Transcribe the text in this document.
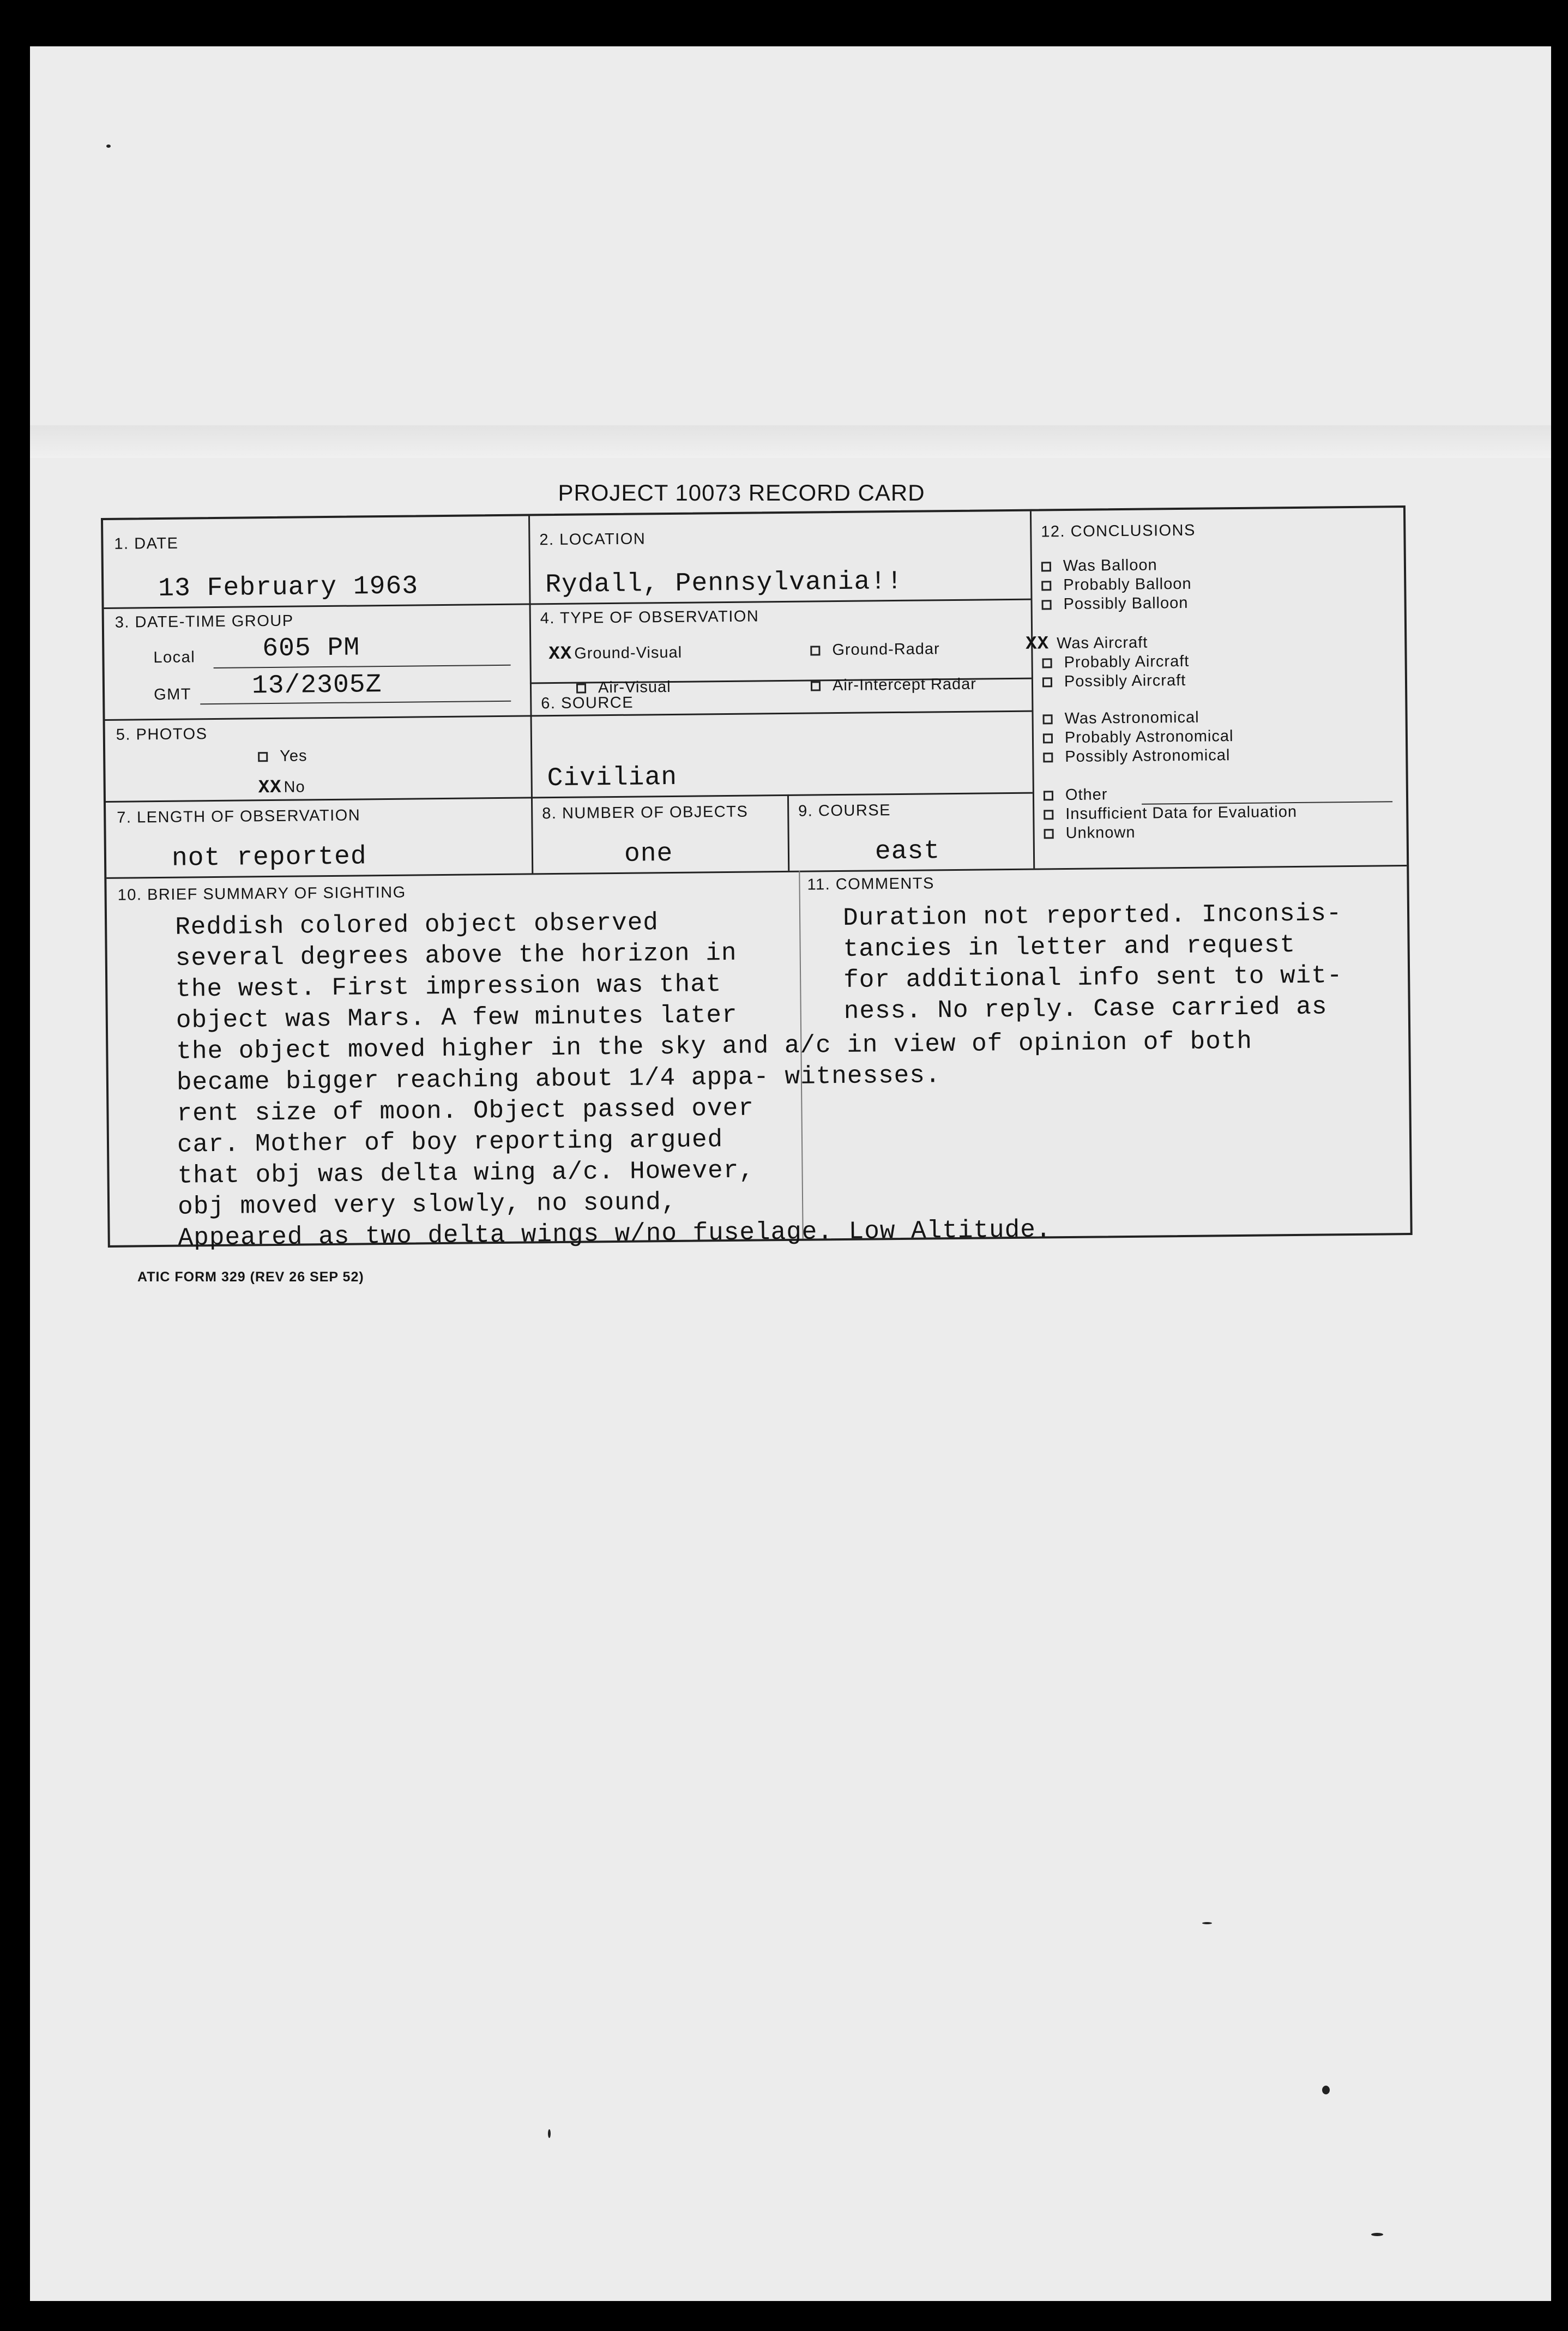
PROJECT 10073 RECORD CARD
1. DATE
13 February 1963
2. LOCATION
Rydall, Pennsylvania!!
3. DATE-TIME GROUP
Local	605 PM
GMT 13/2305Z
4. TYPE OF OBSERVATION
XX Ground-Visual	Ground-Radar
Air-Visual	Air-Intercept Radar
5. PHOTOS
Yes
XX No
6. SOURCE
Civilian
7. LENGTH OF OBSERVATION
not reported
8. NUMBER OF OBJECTS
one
9. COURSE
east
12. CONCLUSIONS
Was Balloon
Probably Balloon
Possibly Balloon
XX Was Aircraft
Probably Aircraft
Possibly Aircraft
Was Astronomical
Probably Astronomical
Possibly Astronomical
Other
Insufficient Data for Evaluation
Unknown
10. BRIEF SUMMARY OF SIGHTING
Reddish colored object observed
several degrees above the horizon in
the west. First impression was that
object was Mars. A few minutes later
the object moved higher in the sky and a/c in view of opinion of both
became bigger reaching about 1/4 appa- witnesses.
rent size of moon. Object passed over
car. Mother of boy reporting argued
that obj was delta wing a/c. However,
obj moved very slowly, no sound,
Appeared as two delta wings w/no fuselage. Low Altitude.
11. COMMENTS
Duration not reported. Inconsis-
tancies in letter and request
for additional info sent to wit-
ness. No reply. Case carried as
ATIC FORM 329 (REV 26 SEP 52)
